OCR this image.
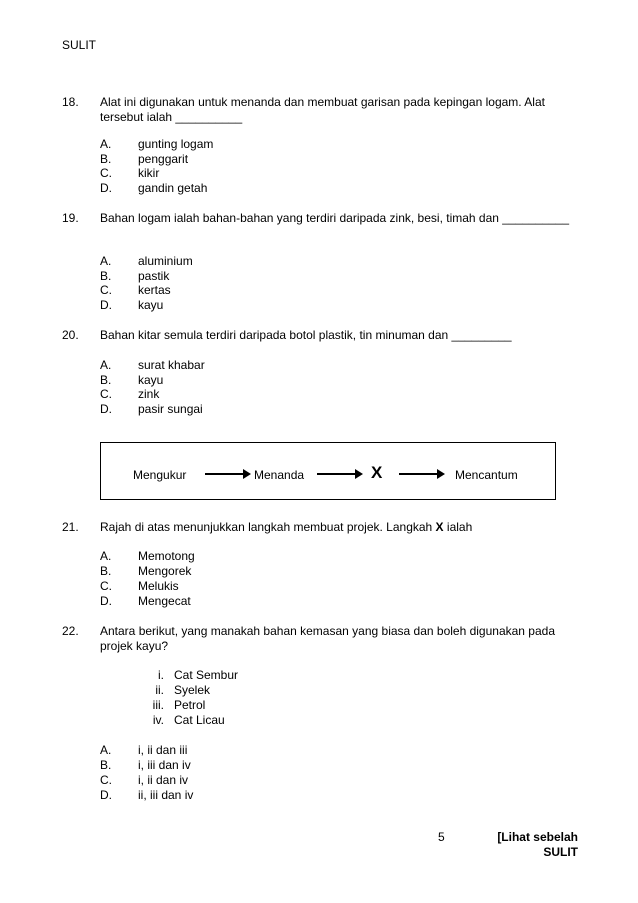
SULIT
18. Alat ini digunakan untuk menanda dan membuat garisan pada kepingan logam. Alat tersebut ialah __________
A. gunting logam
B. penggarit
C. kikir
D. gandin getah
19. Bahan logam ialah bahan-bahan yang terdiri daripada zink, besi, timah dan __________
A. aluminium
B. pastik
C. kertas
D. kayu
20. Bahan kitar semula terdiri daripada botol plastik, tin minuman dan _________
A. surat khabar
B. kayu
C. zink
D. pasir sungai
Mengukur	Menanda	X	Mencantum
21. Rajah di atas menunjukkan langkah membuat projek. Langkah X ialah
A. Memotong
B. Mengorek
C. Melukis
D. Mengecat
22. Antara berikut, yang manakah bahan kemasan yang biasa dan boleh digunakan pada projek kayu?
i. Cat Sembur
ii. Syelek
iii. Petrol
iv. Cat Licau
A. i, ii dan iii
B. i, iii dan iv
C. i, ii dan iv
D. ii, iii dan iv
5	[Lihat sebelah
SULIT
